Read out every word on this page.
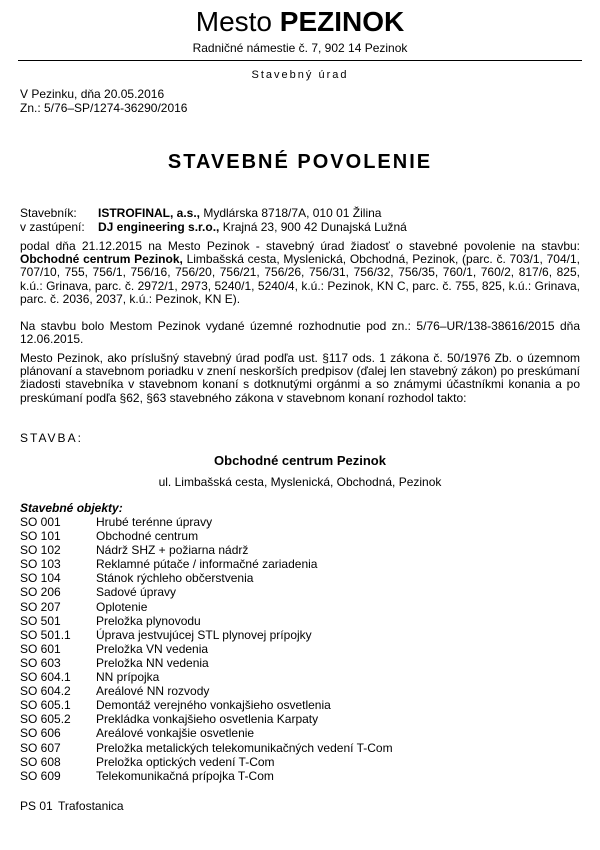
Mesto PEZINOK
Radničné námestie č. 7, 902 14 Pezinok
Stavebný úrad
V Pezinku, dňa 20.05.2016
Zn.: 5/76–SP/1274-36290/2016
STAVEBNÉ POVOLENIE
Stavebník: ISTROFINAL, a.s., Mydlárska 8718/7A, 010 01 Žilina
v zastúpení: DJ engineering s.r.o., Krajná 23, 900 42 Dunajská Lužná
podal dňa 21.12.2015 na Mesto Pezinok - stavebný úrad žiadosť o stavebné povolenie na stavbu: Obchodné centrum Pezinok, Limbašská cesta, Myslenická, Obchodná, Pezinok, (parc. č. 703/1, 704/1, 707/10, 755, 756/1, 756/16, 756/20, 756/21, 756/26, 756/31, 756/32, 756/35, 760/1, 760/2, 817/6, 825, k.ú.: Grinava, parc. č. 2972/1, 2973, 5240/1, 5240/4, k.ú.: Pezinok, KN C, parc. č. 755, 825, k.ú.: Grinava, parc. č. 2036, 2037, k.ú.: Pezinok, KN E).
Na stavbu bolo Mestom Pezinok vydané územné rozhodnutie pod zn.: 5/76–UR/138-38616/2015 dňa 12.06.2015.
Mesto Pezinok, ako príslušný stavebný úrad podľa ust. §117 ods. 1 zákona č. 50/1976 Zb. o územnom plánovaní a stavebnom poriadku v znení neskorších predpisov (ďalej len stavebný zákon) po preskúmaní žiadosti stavebníka v stavebnom konaní s dotknutými orgánmi a so známymi účastníkmi konania a po preskúmaní podľa §62, §63 stavebného zákona v stavebnom konaní rozhodol takto:
STAVBA:
Obchodné centrum Pezinok
ul. Limbašská cesta, Myslenická, Obchodná, Pezinok
Stavebné objekty:
SO 001	Hrubé terénne úpravy
SO 101	Obchodné centrum
SO 102	Nádrž SHZ + požiarna nádrž
SO 103	Reklamné pútače / informačné zariadenia
SO 104	Stánok rýchleho občerstvenia
SO 206	Sadové úpravy
SO 207	Oplotenie
SO 501	Preložka plynovodu
SO 501.1 Úprava jestvujúcej STL plynovej prípojky
SO 601	Preložka VN vedenia
SO 603	Preložka NN vedenia
SO 604.1 NN prípojka
SO 604.2 Areálové NN rozvody
SO 605.1 Demontáž verejného vonkajšieho osvetlenia
SO 605.2 Prekládka vonkajšieho osvetlenia Karpaty
SO 606	Areálové vonkajšie osvetlenie
SO 607	Preložka metalických telekomunikačných vedení T-Com
SO 608	Preložka optických vedení T-Com
SO 609	Telekomunikačná prípojka T-Com
PS 01 Trafostanica
